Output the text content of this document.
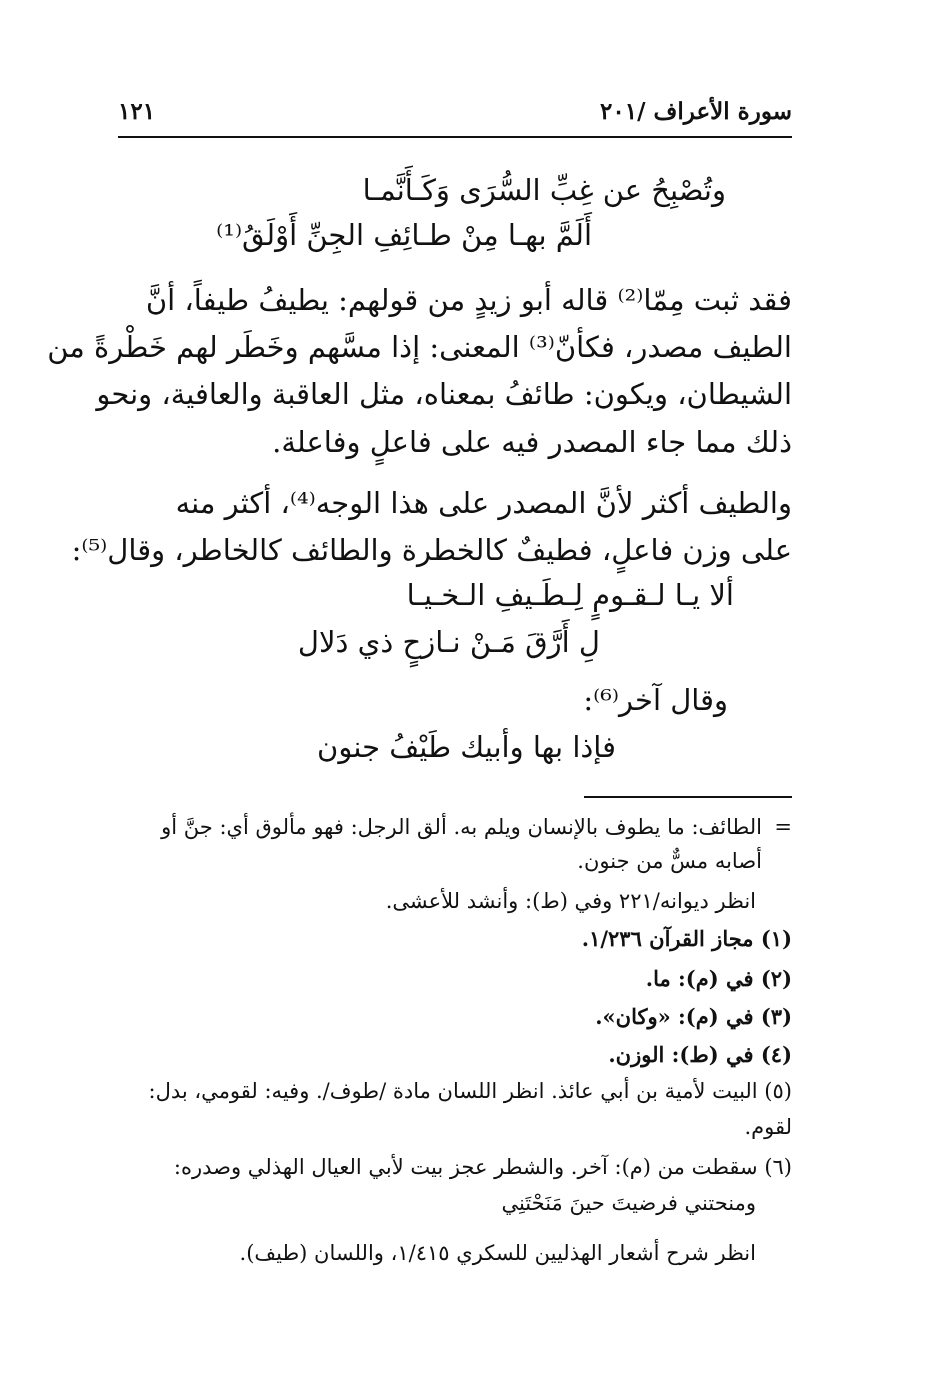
سورة الأعراف /٢٠١
١٢١
وتُصْبِحُ عن غِبِّ السُّرَى وَكَـأَنَّمـا
أَلَمَّ بهـا مِنْ طـائِفِ الجِنِّ أَوْلَقُ⁽¹⁾
فقد ثبت مِمّا⁽²⁾ قاله أبو زيدٍ من قولهم: يطيفُ طيفاً، أنَّ
الطيف مصدر، فكأنّ⁽³⁾ المعنى: إذا مسَّهم وخَطَر لهم خَطْرةً من
الشيطان، ويكون: طائفُ بمعناه، مثل العاقبة والعافية، ونحو
ذلك مما جاء المصدر فيه على فاعلٍ وفاعلة.
والطيف أكثر لأنَّ المصدر على هذا الوجه⁽⁴⁾، أكثر منه
على وزن فاعلٍ، فطيفٌ كالخطرة والطائف كالخاطر، وقال⁽⁵⁾:
ألا يـا لـقـومٍ لِـطَـيفِ الـخـيـا
لِ أَرَّقَ مَـنْ نـازحٍ ذي دَلال
وقال آخر⁽⁶⁾:
فإذا بها وأبيك طَيْفُ جنون
=
الطائف: ما يطوف بالإنسان ويلم به. ألق الرجل: فهو مألوق أي: جنَّ أو
أصابه مسٌّ من جنون.
انظر ديوانه/٢٢١ وفي (ط): وأنشد للأعشى.
(١) مجاز القرآن ١/٢٣٦.
(٢) في (م): ما.
(٣) في (م): «وكان».
(٤) في (ط): الوزن.
(٥) البيت لأمية بن أبي عائذ. انظر اللسان مادة /طوف/. وفيه: لقومي، بدل:
لقوم.
(٦) سقطت من (م): آخر. والشطر عجز بيت لأبي العيال الهذلي وصدره:
ومنحتني فرضيتَ حينَ مَنَحْتَنِي
انظر شرح أشعار الهذليين للسكري ١/٤١٥، واللسان (طيف).
